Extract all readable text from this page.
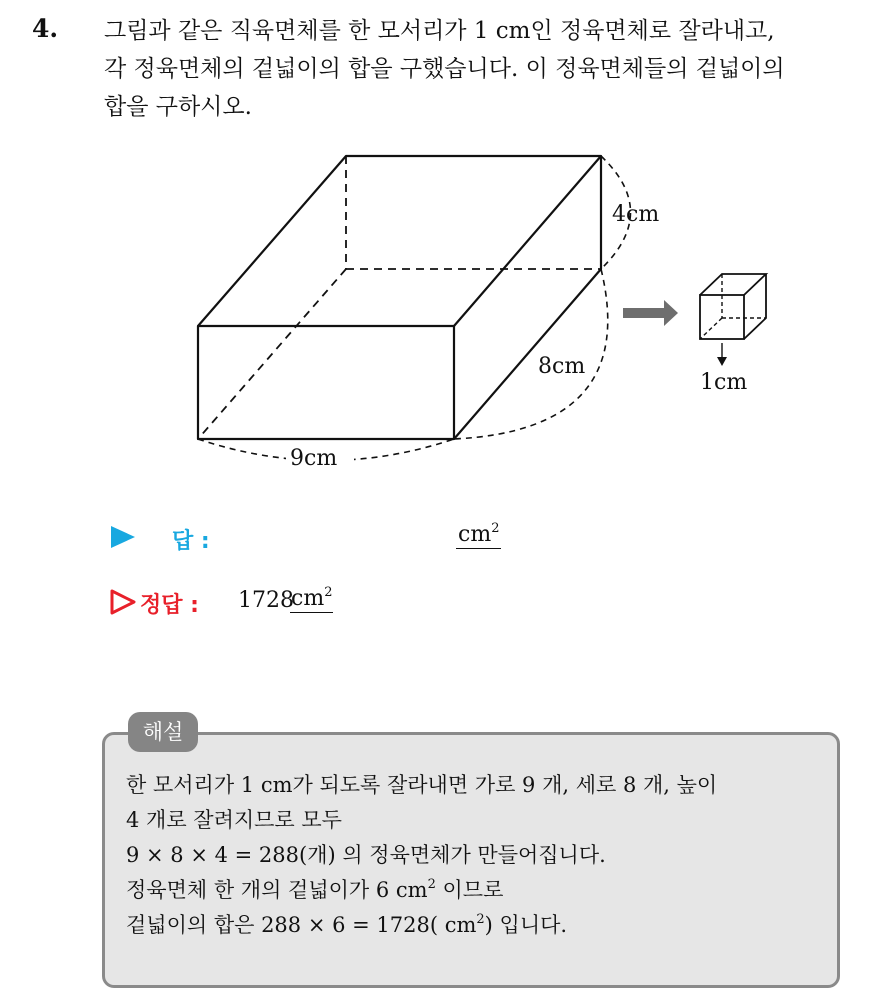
4. 그림과 같은 직육면체를 한 모서리가 1 cm인 정육면체로 잘라내고,
각 정육면체의 겉넓이의 합을 구했습니다. 이 정육면체들의 겉넓이의
합을 구하시오.
4cm
8cm
9cm
1cm
답 :	$cm^2$
정답 : 1728
$cm^2$
해설
한 모서리가 1 cm가 되도록 잘라내면 가로 9 개, 세로 8 개, 높이
4 개로 잘려지므로 모두
9 × 8 × 4 = 288(개) 의 정육면체가 만들어집니다.
정육면체 한 개의 겉넓이가 6 $cm^2$ 이므로
겉넓이의 합은 288 × 6 = 1728( $cm^2$) 입니다.
